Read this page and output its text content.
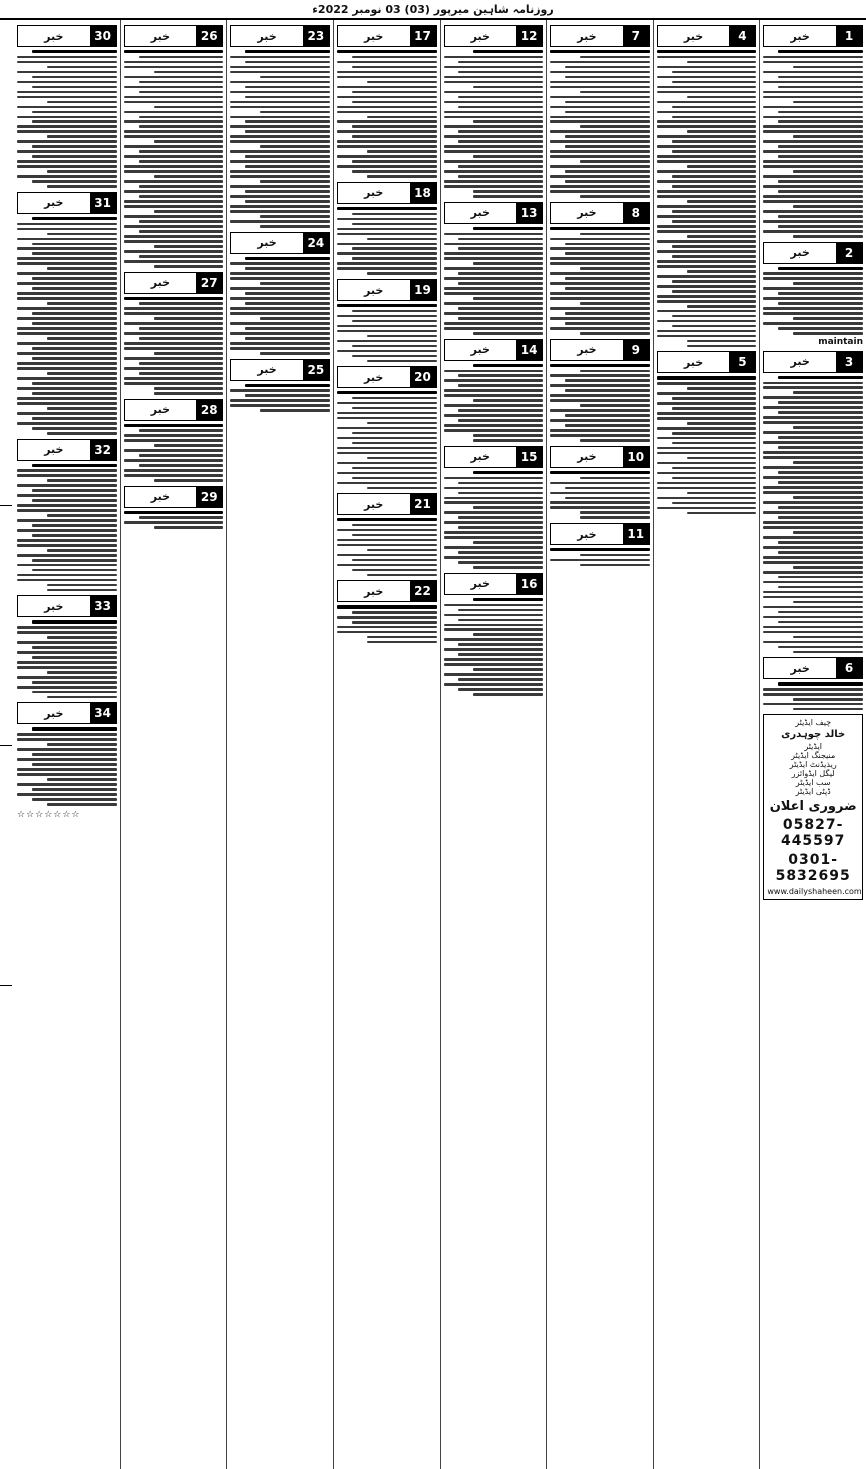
روزنامہ شاہین میرپور (03) 03 نومبر 2022ء
1
خبر
2
خبر
maintain
3
خبر
6
خبر
چیف ایڈیٹر
خالد چوہدری
ایڈیٹر
منیجنگ ایڈیٹر
ریذیڈنٹ ایڈیٹر
لیگل ایڈوائزر
سب ایڈیٹر
ڈپٹی ایڈیٹر
ضروری اعلان
05827-445597
0301-5832695
www.dailyshaheen.com
4
خبر
5
خبر
7
خبر
8
خبر
9
خبر
10
خبر
11
خبر
12
خبر
13
خبر
14
خبر
15
خبر
16
خبر
17
خبر
18
خبر
19
خبر
20
خبر
21
خبر
22
خبر
23
خبر
24
خبر
25
خبر
26
خبر
27
خبر
28
خبر
29
خبر
30
خبر
31
خبر
32
خبر
33
خبر
34
خبر
☆☆☆☆☆☆☆
